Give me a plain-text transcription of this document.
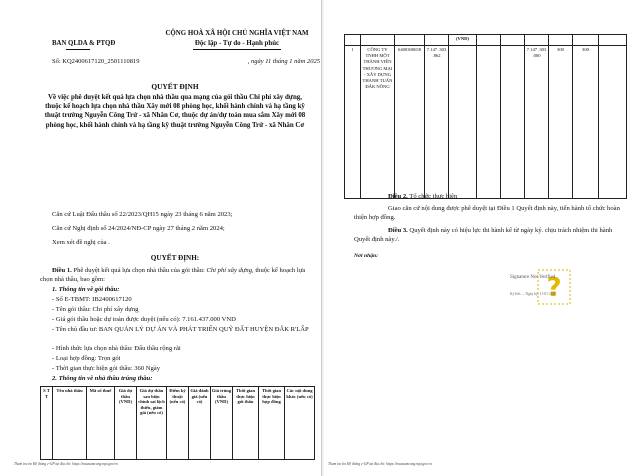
BAN QLDA & PTQĐ
Số: KQ2400617120_2501110819
CỘNG HOÀ XÃ HỘI CHỦ NGHĨA VIỆT NAM
Độc lập - Tự do - Hạnh phúc
, ngày 11 tháng 1 năm 2025
QUYẾT ĐỊNH
Về việc phê duyệt kết quả lựa chọn nhà thầu qua mạng của gói thầu Chi phí xây dựng, thuộc kế hoạch lựa chọn nhà thầu Xây mới 08 phòng học, khối hành chính và hạ tầng kỹ thuật trường Nguyễn Công Trứ - xã Nhân Cơ, thuộc dự án/dự toán mua sắm Xây mới 08 phòng học, khối hành chính và hạ tầng kỹ thuật trường Nguyễn Công Trứ - xã Nhân Cơ
Căn cứ Luật Đấu thầu số 22/2023/QH15 ngày 23 tháng 6 năm 2023;
Căn cứ Nghị định số 24/2024/NĐ-CP ngày 27 tháng 2 năm 2024;
Xem xét đề nghị của .
QUYẾT ĐỊNH:
Điều 1. Phê duyệt kết quả lựa chọn nhà thầu của gói thầu: Chi phí xây dựng, thuộc kế hoạch lựa chọn nhà thầu, bao gồm:
1. Thông tin về gói thầu:
- Số E-TBMT: IB2400617120
- Tên gói thầu: Chi phí xây dựng
- Giá gói thầu hoặc dự toán được duyệt (nếu có): 7.161.437.000 VND
- Tên chủ đầu tư: BAN QUẢN LÝ DỰ ÁN VÀ PHÁT TRIỂN QUỸ ĐẤT HUYỆN ĐẮK R'LẤP
- Hình thức lựa chọn nhà thầu: Đấu thầu rộng rãi
- Loại hợp đồng: Trọn gói
- Thời gian thực hiện gói thầu: 360 Ngày
2. Thông tin về nhà thầu trúng thầu:
S T T	Tên nhà thầu	Mã số thuế	Giá dự thầu (VND)	Giá dự thầu sau hiệu chỉnh sai lệch thiếu, giảm giá (nếu có)	Điểm kỹ thuật (nếu có)	Giá đánh giá (nếu có)	Giá trúng thầu (VND)	Thời gian thực hiện gói thầu	Thời gian thực hiện hợp đồng	Các nội dung khác (nếu có)
Tham tra tin Hệ thống e-GP tại địa chỉ: https://muasamcong.mpi.gov.vn
				(VND)						
1	CÔNG TY TNHH MỘT THÀNH VIÊN THƯƠNG MẠI - XÂY DỰNG THANH TUẤN ĐẮK NÔNG	6400300658	7.147 .303 .862				7.147 .303 .000	300	300	
Điều 2. Tổ chức thực hiện
Giao căn cứ nội dung được phê duyệt tại Điều 1 Quyết định này, tiến hành tổ chức hoàn thiện hợp đồng.
Điều 3. Quyết định này có hiệu lực thi hành kể từ ngày ký. chịu trách nhiệm thi hành Quyết định này./.
Nơi nhận:
?
Signature Not Verified
Ký bởi: ... Ngày ký: 11-01-2025
Tham tra tin Hệ thống e-GP tại địa chỉ: https://muasamcong.mpi.gov.vn
